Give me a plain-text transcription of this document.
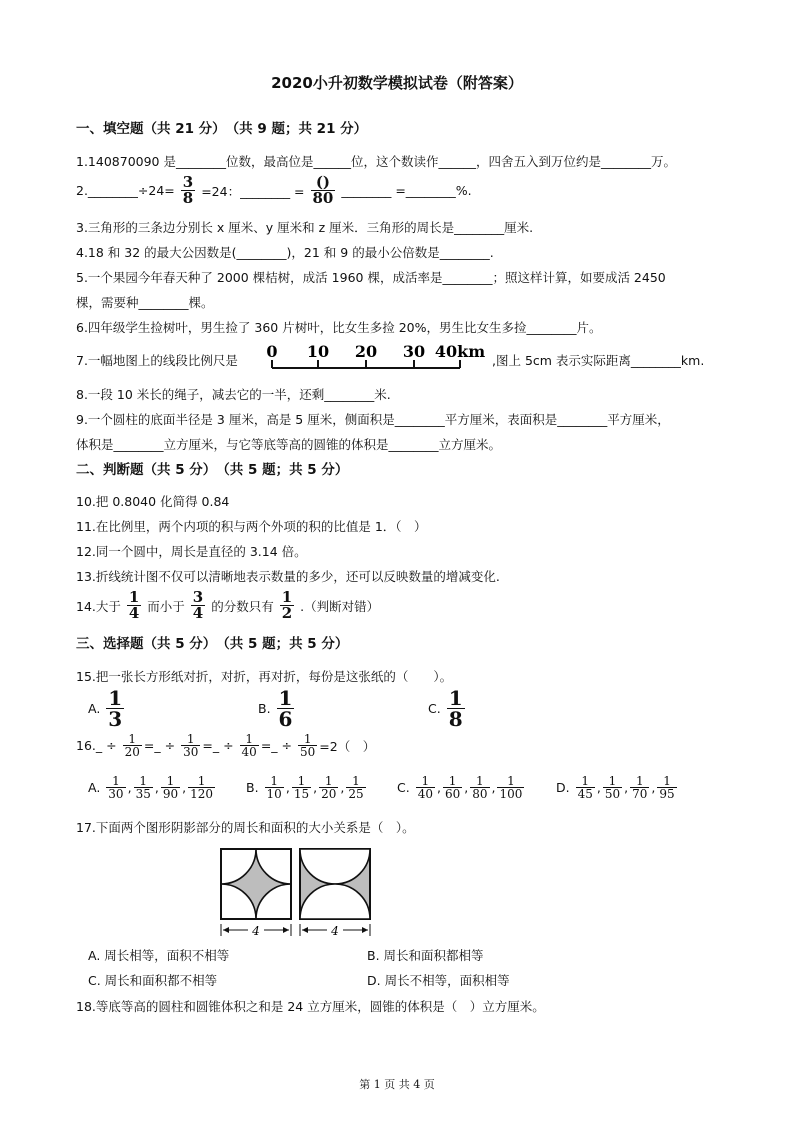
2020小升初数学模拟试卷（附答案）
一、填空题（共 21 分）　（共 9 题；共 21 分）
1.140870090 是________位数，最高位是______位，这个数读作______，四舍五入到万位约是________万。
2.________÷24= $\frac{3}{8} =24$：________ = $\frac{()}{80}$ ________ =________%.
3.三角形的三条边分别长 x 厘米、y 厘米和 z 厘米．三角形的周长是________厘米.
4.18 和 32 的最大公因数是(________)，21 和 9 的最小公倍数是________.
5.一个果园今年春天种了 2000 棵桔树，成活 1960 棵，成活率是________；照这样计算，如要成活 2450
棵，需要种________棵。
6.四年级学生捡树叶，男生捡了 360 片树叶，比女生多捡 20%，男生比女生多捡________片。
7.一幅地图上的线段比例尺是 0 10 20 30 40km ,图上 5cm 表示实际距离________km.
8.一段 10 米长的绳子，减去它的一半，还剩________米.
9.一个圆柱的底面半径是 3 厘米，高是 5 厘米，侧面积是________平方厘米，表面积是________平方厘米，
体积是________立方厘米，与它等底等高的圆锥的体积是________立方厘米。
二、判断题（共 5 分）　（共 5 题；共 5 分）
10.把 0.8040 化简得 0.84
11.在比例里，两个内项的积与两个外项的积的比值是 1．（　）
12.同一个圆中，周长是直径的 3.14 倍。
13.折线统计图不仅可以清晰地表示数量的多少，还可以反映数量的增减变化.
14.大于 $\frac{1}{4}$ 而小于 $\frac{3}{4}$ 的分数只有 $\frac{1}{2}$ .（判断对错）
三、选择题（共 5 分）　（共 5 题；共 5 分）
15.把一张长方形纸对折，对折，再对折，每份是这张纸的（　　）。
A. $\frac{1}{3}$	B. $\frac{1}{6}$	C. $\frac{1}{8}$
16._ ÷ $\frac{1}{20}$ =_ ÷ $\frac{1}{30}$ =_ ÷ $\frac{1}{40}$ =_ ÷ $\frac{1}{50} =2$（　）
A. $\frac{1}{30}$ , $\frac{1}{35}$ , $\frac{1}{90}$ , $\frac{1}{120} B$. $\frac{1}{10}$ , $\frac{1}{15}$ , $\frac{1}{20}$ , $\frac{1}{25}$	C. $\frac{1}{40}$ , $\frac{1}{60}$ , $\frac{1}{80}$ , $\frac{1}{100}$	D. $\frac{1}{45}$ , $\frac{1}{50}$ , $\frac{1}{70}$ , $\frac{1}{95}$
17.下面两个图形阴影部分的周长和面积的大小关系是（　）。
4	4
A. 周长相等，面积不相等	B. 周长和面积都相等
C. 周长和面积都不相等	D. 周长不相等，面积相等
18.等底等高的圆柱和圆锥体积之和是 24 立方厘米，圆锥的体积是（　）立方厘米。
第 1 页 共 4 页
